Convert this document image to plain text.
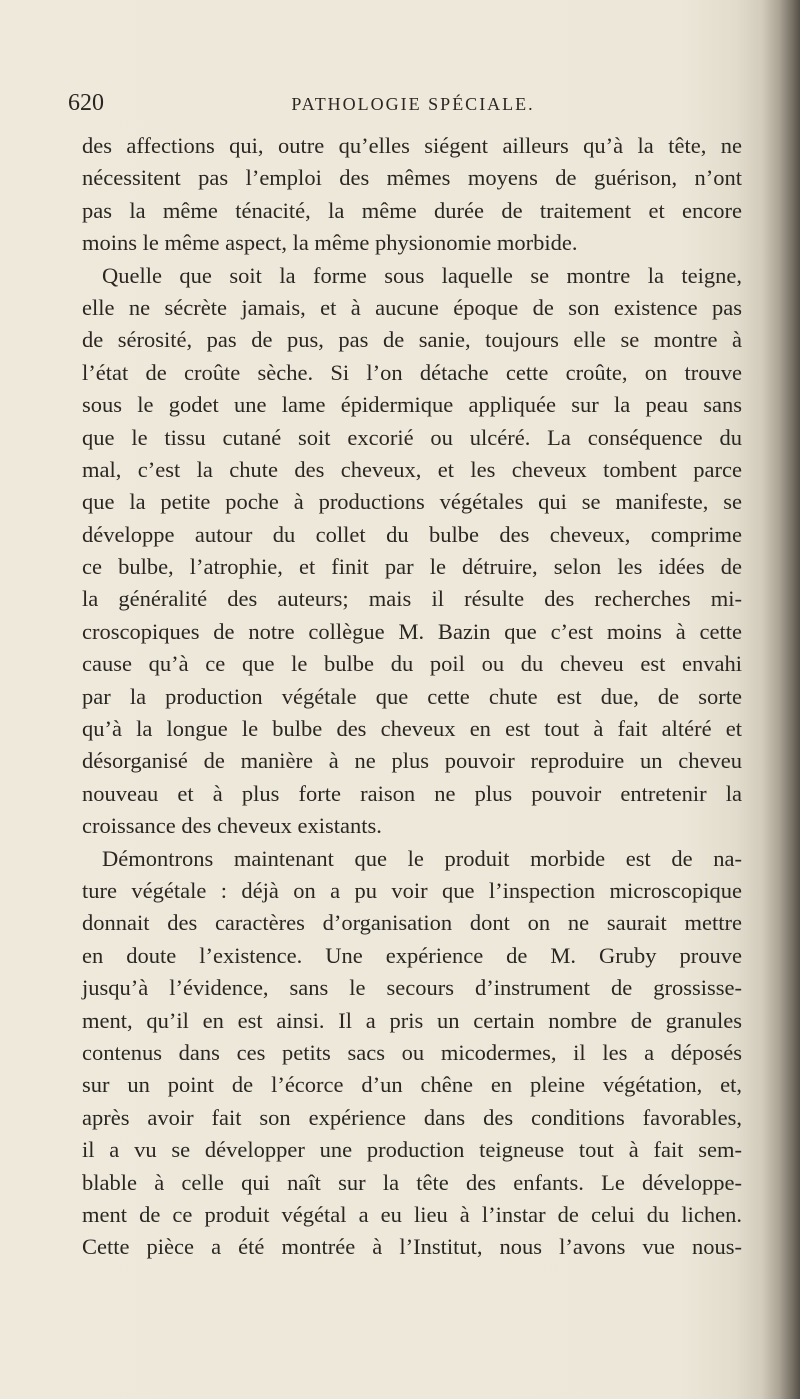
620	PATHOLOGIE SPÉCIALE.
des affections qui, outre qu’elles siégent ailleurs qu’à la tête, ne
nécessitent pas l’emploi des mêmes moyens de guérison, n’ont
pas la même ténacité, la même durée de traitement et encore
moins le même aspect, la même physionomie morbide.
Quelle que soit la forme sous laquelle se montre la teigne,
elle ne sécrète jamais, et à aucune époque de son existence pas
de sérosité, pas de pus, pas de sanie, toujours elle se montre à
l’état de croûte sèche. Si l’on détache cette croûte, on trouve
sous le godet une lame épidermique appliquée sur la peau sans
que le tissu cutané soit excorié ou ulcéré. La conséquence du
mal, c’est la chute des cheveux, et les cheveux tombent parce
que la petite poche à productions végétales qui se manifeste, se
développe autour du collet du bulbe des cheveux, comprime
ce bulbe, l’atrophie, et finit par le détruire, selon les idées de
la généralité des auteurs; mais il résulte des recherches mi-
croscopiques de notre collègue M. Bazin que c’est moins à cette
cause qu’à ce que le bulbe du poil ou du cheveu est envahi
par la production végétale que cette chute est due, de sorte
qu’à la longue le bulbe des cheveux en est tout à fait altéré et
désorganisé de manière à ne plus pouvoir reproduire un cheveu
nouveau et à plus forte raison ne plus pouvoir entretenir la
croissance des cheveux existants.
Démontrons maintenant que le produit morbide est de na-
ture végétale : déjà on a pu voir que l’inspection microscopique
donnait des caractères d’organisation dont on ne saurait mettre
en doute l’existence. Une expérience de M. Gruby prouve
jusqu’à l’évidence, sans le secours d’instrument de grossisse-
ment, qu’il en est ainsi. Il a pris un certain nombre de granules
contenus dans ces petits sacs ou micodermes, il les a déposés
sur un point de l’écorce d’un chêne en pleine végétation, et,
après avoir fait son expérience dans des conditions favorables,
il a vu se développer une production teigneuse tout à fait sem-
blable à celle qui naît sur la tête des enfants. Le développe-
ment de ce produit végétal a eu lieu à l’instar de celui du lichen.
Cette pièce a été montrée à l’Institut, nous l’avons vue nous-
